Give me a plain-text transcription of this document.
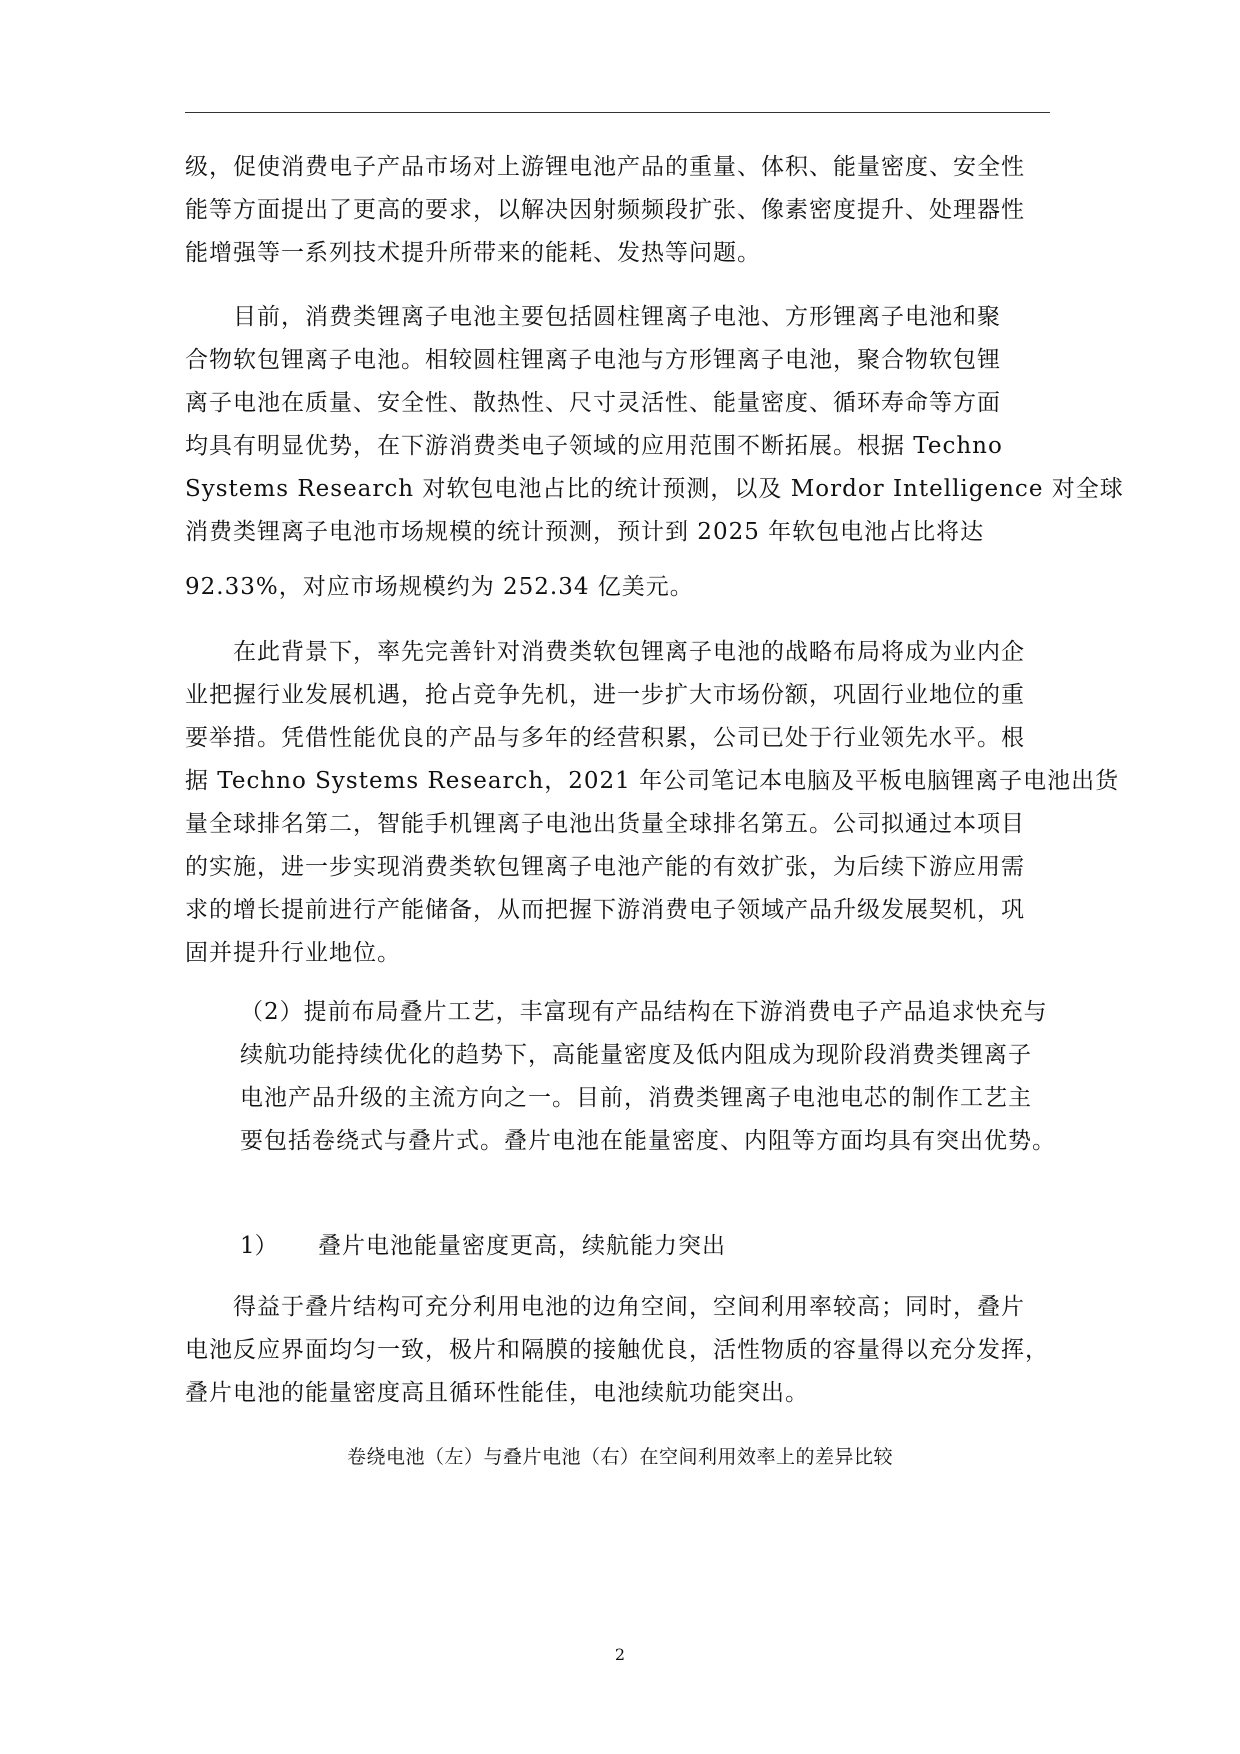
级，促使消费电子产品市场对上游锂电池产品的重量、体积、能量密度、安全性
能等方面提出了更高的要求，以解决因射频频段扩张、像素密度提升、处理器性
能增强等一系列技术提升所带来的能耗、发热等问题。
目前，消费类锂离子电池主要包括圆柱锂离子电池、方形锂离子电池和聚
合物软包锂离子电池。相较圆柱锂离子电池与方形锂离子电池，聚合物软包锂
离子电池在质量、安全性、散热性、尺寸灵活性、能量密度、循环寿命等方面
均具有明显优势，在下游消费类电子领域的应用范围不断拓展。根据 Techno
Systems Research 对软包电池占比的统计预测，以及 Mordor Intelligence 对全球
消费类锂离子电池市场规模的统计预测，预计到 2025 年软包电池占比将达
92.33%，对应市场规模约为 252.34 亿美元。
在此背景下，率先完善针对消费类软包锂离子电池的战略布局将成为业内企
业把握行业发展机遇，抢占竞争先机，进一步扩大市场份额，巩固行业地位的重
要举措。凭借性能优良的产品与多年的经营积累，公司已处于行业领先水平。根
据 Techno Systems Research，2021 年公司笔记本电脑及平板电脑锂离子电池出货
量全球排名第二，智能手机锂离子电池出货量全球排名第五。公司拟通过本项目
的实施，进一步实现消费类软包锂离子电池产能的有效扩张，为后续下游应用需
求的增长提前进行产能储备，从而把握下游消费电子领域产品升级发展契机，巩
固并提升行业地位。
（2）提前布局叠片工艺，丰富现有产品结构在下游消费电子产品追求快充与
续航功能持续优化的趋势下，高能量密度及低内阻成为现阶段消费类锂离子
电池产品升级的主流方向之一。目前，消费类锂离子电池电芯的制作工艺主
要包括卷绕式与叠片式。叠片电池在能量密度、内阻等方面均具有突出优势。
1） 叠片电池能量密度更高，续航能力突出
得益于叠片结构可充分利用电池的边角空间，空间利用率较高；同时，叠片
电池反应界面均匀一致，极片和隔膜的接触优良，活性物质的容量得以充分发挥，
叠片电池的能量密度高且循环性能佳，电池续航功能突出。
卷绕电池（左）与叠片电池（右）在空间利用效率上的差异比较
2
